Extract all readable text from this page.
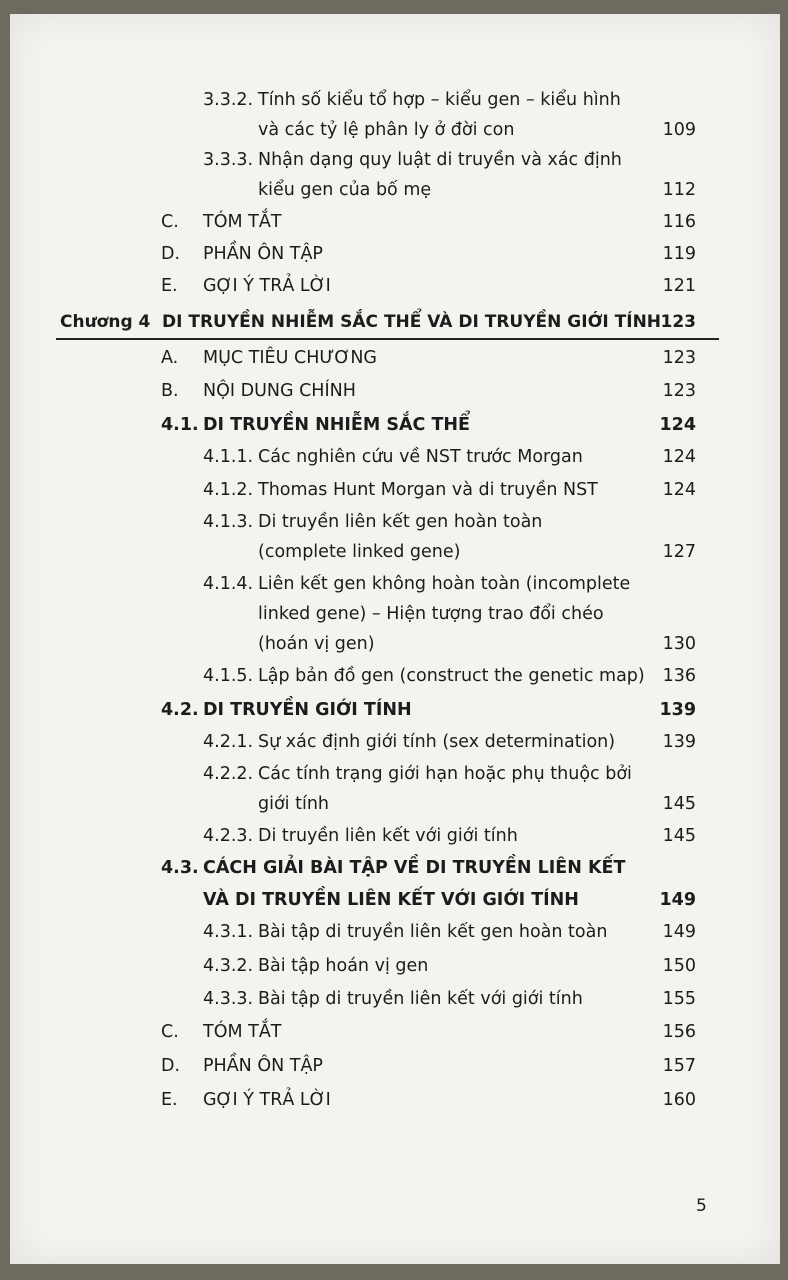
3.3.2. Tính số kiểu tổ hợp – kiểu gen – kiểu hình
và các tỷ lệ phân ly ở đời con	109
3.3.3. Nhận dạng quy luật di truyền và xác định
kiểu gen của bố mẹ	112
C. TÓM TẮT	116
D. PHẦN ÔN TẬP	119
E. GỢI Ý TRẢ LỜI	121
Chương 4 DI TRUYỀN NHIỄM SẮC THỂ VÀ DI TRUYỀN GIỚI TÍNH 123
A. MỤC TIÊU CHƯƠNG	123
B. NỘI DUNG CHÍNH	123
4.1. DI TRUYỀN NHIỄM SẮC THỂ	124
4.1.1. Các nghiên cứu về NST trước Morgan	124
4.1.2. Thomas Hunt Morgan và di truyền NST	124
4.1.3. Di truyền liên kết gen hoàn toàn
(complete linked gene)	127
4.1.4. Liên kết gen không hoàn toàn (incomplete
linked gene) – Hiện tượng trao đổi chéo
(hoán vị gen)	130
4.1.5. Lập bản đồ gen (construct the genetic map) 136
4.2. DI TRUYỀN GIỚI TÍNH	139
4.2.1. Sự xác định giới tính (sex determination)	139
4.2.2. Các tính trạng giới hạn hoặc phụ thuộc bởi
giới tính	145
4.2.3. Di truyền liên kết với giới tính	145
4.3. CÁCH GIẢI BÀI TẬP VỀ DI TRUYỀN LIÊN KẾT
VÀ DI TRUYỀN LIÊN KẾT VỚI GIỚI TÍNH	149
4.3.1. Bài tập di truyền liên kết gen hoàn toàn	149
4.3.2. Bài tập hoán vị gen	150
4.3.3. Bài tập di truyền liên kết với giới tính	155
C. TÓM TẮT	156
D. PHẦN ÔN TẬP	157
E. GỢI Ý TRẢ LỜI	160
5
